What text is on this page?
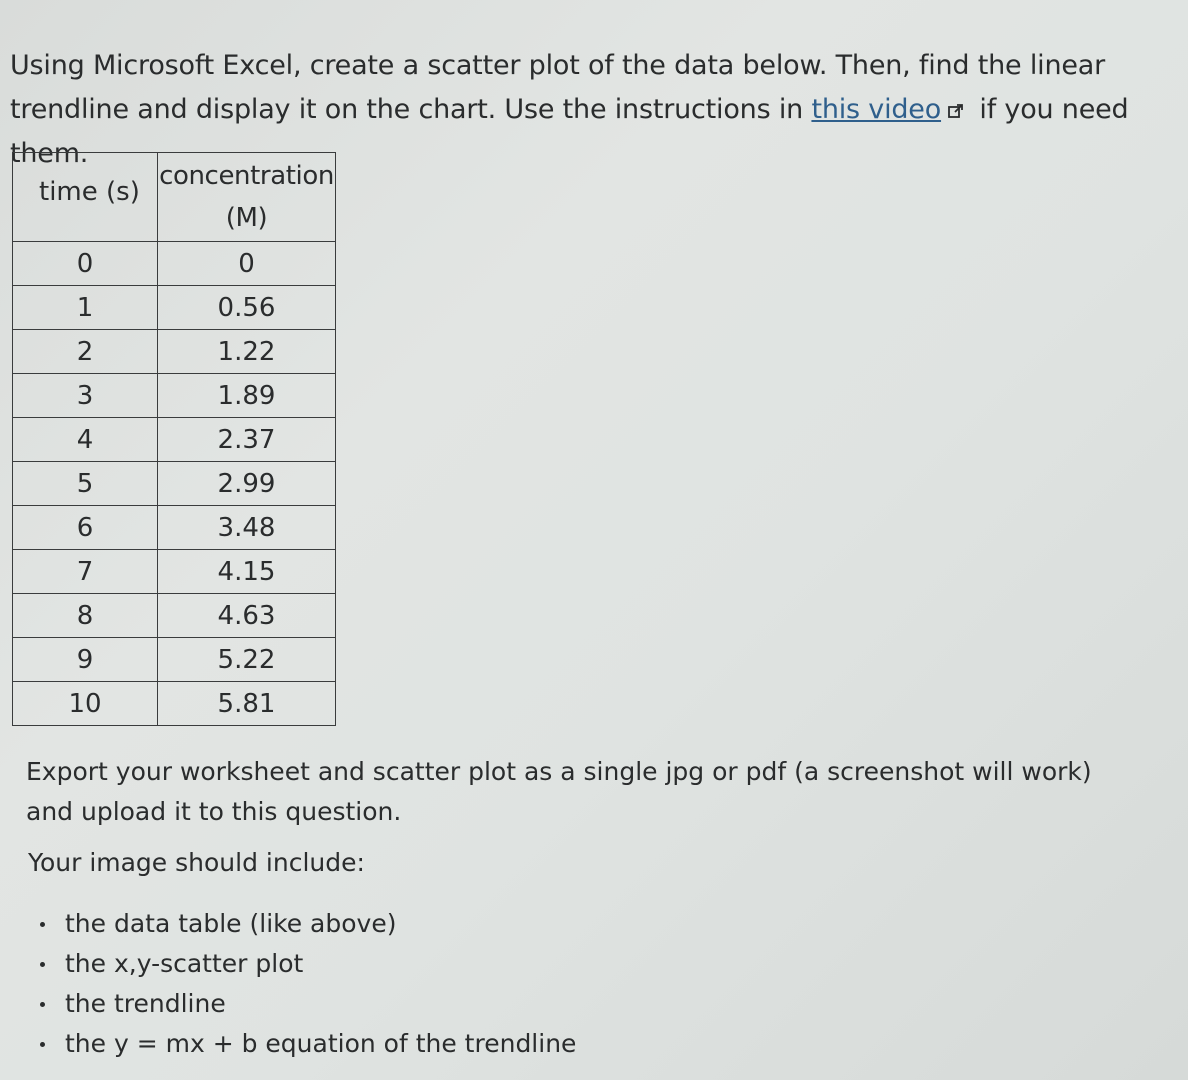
Using Microsoft Excel, create a scatter plot of the data below. Then, find the linear trendline and display it on the chart. Use the instructions in this video if you need them.
time (s)	concentration
(M)

0	0
1	0.56
2	1.22
3	1.89
4	2.37
5	2.99
6	3.48
7	4.15
8	4.63
9	5.22
10	5.81
Export your worksheet and scatter plot as a single jpg or pdf (a screenshot will work) and upload it to this question.
Your image should include:
the data table (like above)
the x,y-scatter plot
the trendline
the y = mx + b equation of the trendline
